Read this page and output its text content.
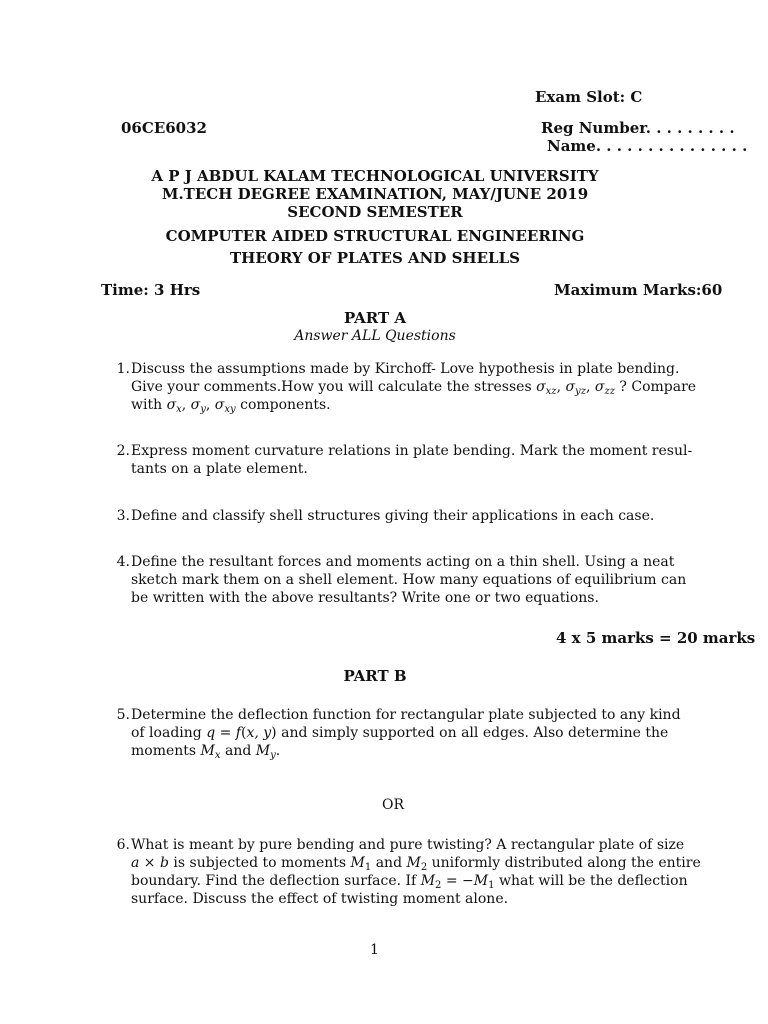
Exam Slot: C
06CE6032	Reg Number. . . . . . . . .
Name. . . . . . . . . . . . . . .
A P J ABDUL KALAM TECHNOLOGICAL UNIVERSITY
M.TECH DEGREE EXAMINATION, MAY/JUNE 2019
SECOND SEMESTER
COMPUTER AIDED STRUCTURAL ENGINEERING
THEORY OF PLATES AND SHELLS
Time: 3 Hrs	Maximum Marks:60
PART A
Answer ALL Questions
1. Discuss the assumptions made by Kirchoff- Love hypothesis in plate bending.
Give your comments.How you will calculate the stresses $\sigma_{xz}$, $\sigma_{yz}$, $\sigma_{zz}$ ? Compare
with $\sigma_x$, $\sigma_y$, $\sigma_{xy}$ components.
2. Express moment curvature relations in plate bending. Mark the moment resul-
tants on a plate element.
3. Define and classify shell structures giving their applications in each case.
4. Define the resultant forces and moments acting on a thin shell. Using a neat
sketch mark them on a shell element. How many equations of equilibrium can
be written with the above resultants? Write one or two equations.
4 x 5 marks = 20 marks
PART B
5. Determine the deflection function for rectangular plate subjected to any kind
of loading q = f(x, y) and simply supported on all edges. Also determine the
moments $M_x$ and $M_y$.
OR
6. What is meant by pure bending and pure twisting? A rectangular plate of size
a × b is subjected to moments $M_1$ and $M_2$ uniformly distributed along the entire
boundary. Find the deflection surface. If $M_2 = -M_1$ what will be the deflection
surface. Discuss the effect of twisting moment alone.
1
